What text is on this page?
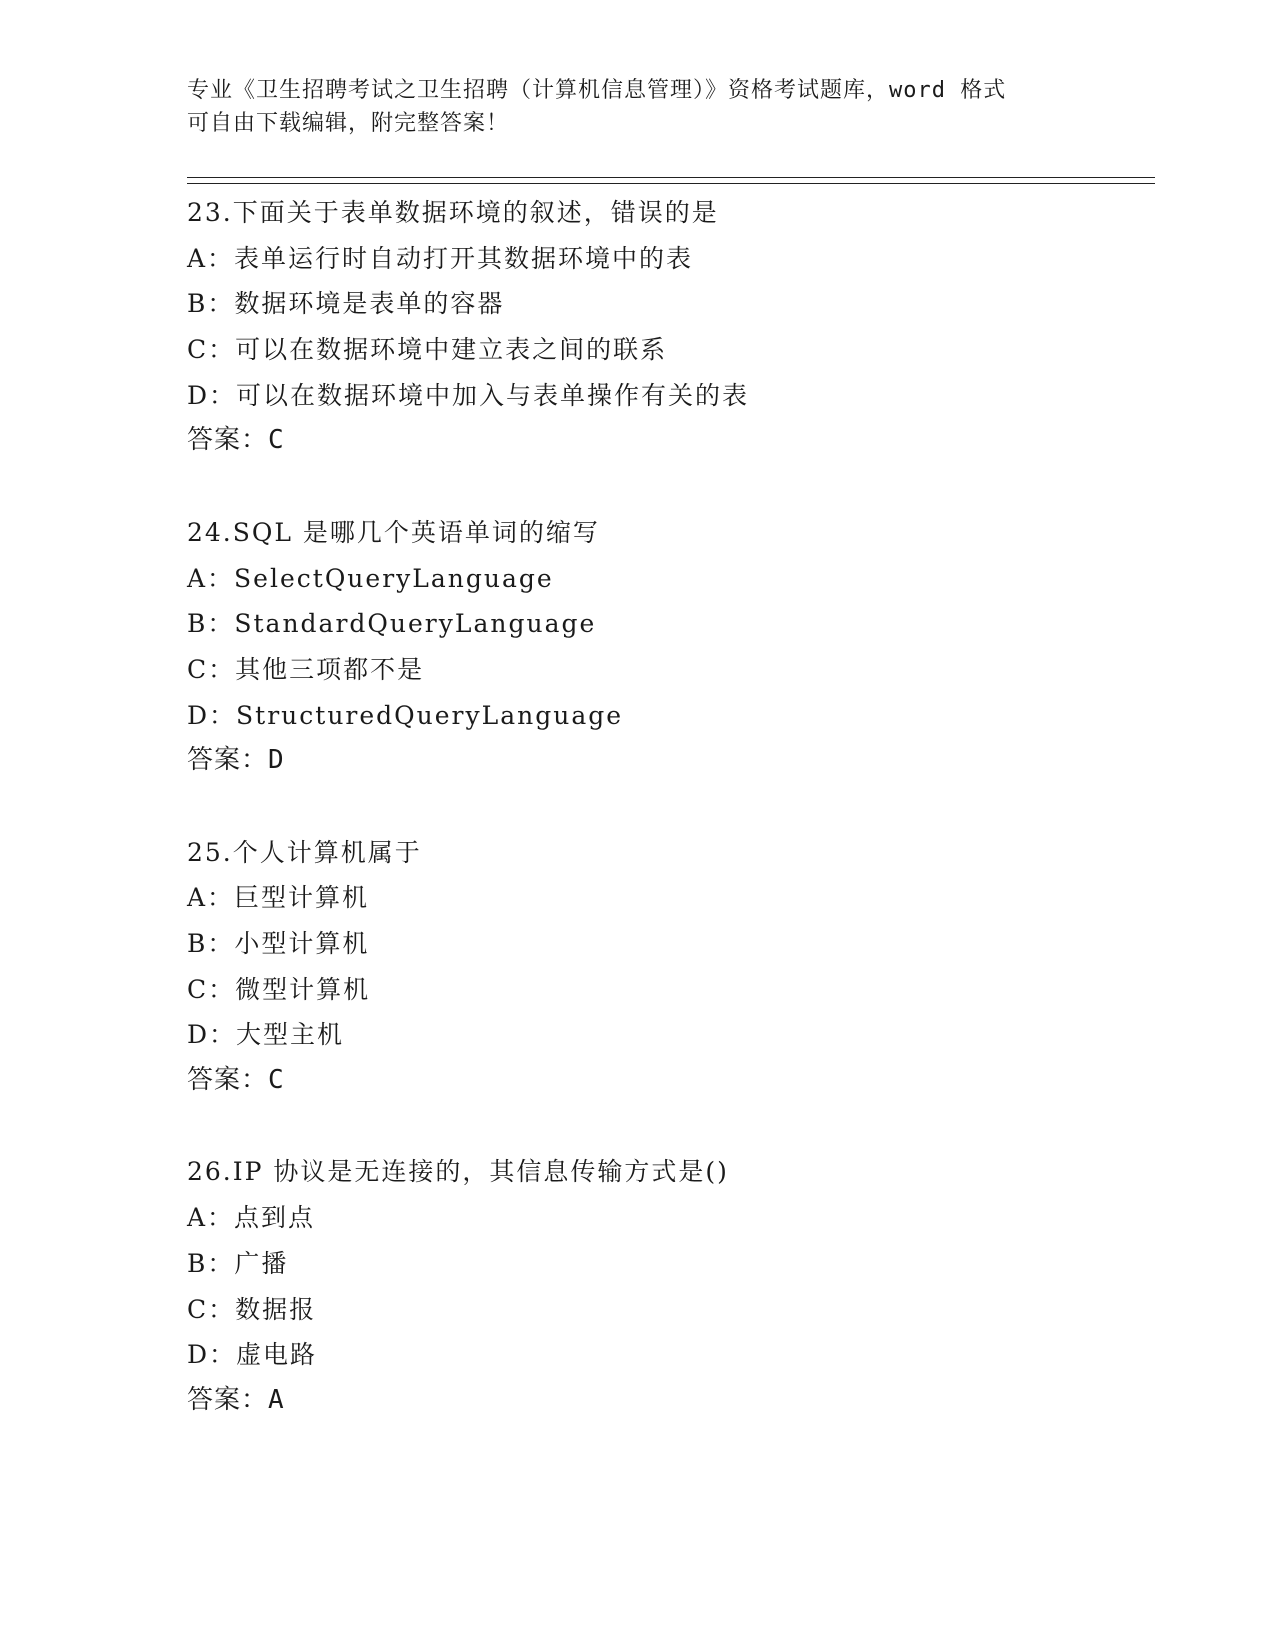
专业《卫生招聘考试之卫生招聘（计算机信息管理）》资格考试题库，word 格式
可自由下载编辑，附完整答案！
23.下面关于表单数据环境的叙述，错误的是
A：表单运行时自动打开其数据环境中的表
B：数据环境是表单的容器
C：可以在数据环境中建立表之间的联系
D：可以在数据环境中加入与表单操作有关的表
答案：C
24.SQL 是哪几个英语单词的缩写
A：SelectQueryLanguage
B：StandardQueryLanguage
C：其他三项都不是
D：StructuredQueryLanguage
答案：D
25.个人计算机属于
A：巨型计算机
B：小型计算机
C：微型计算机
D：大型主机
答案：C
26.IP 协议是无连接的，其信息传输方式是()
A：点到点
B：广播
C：数据报
D：虚电路
答案：A
